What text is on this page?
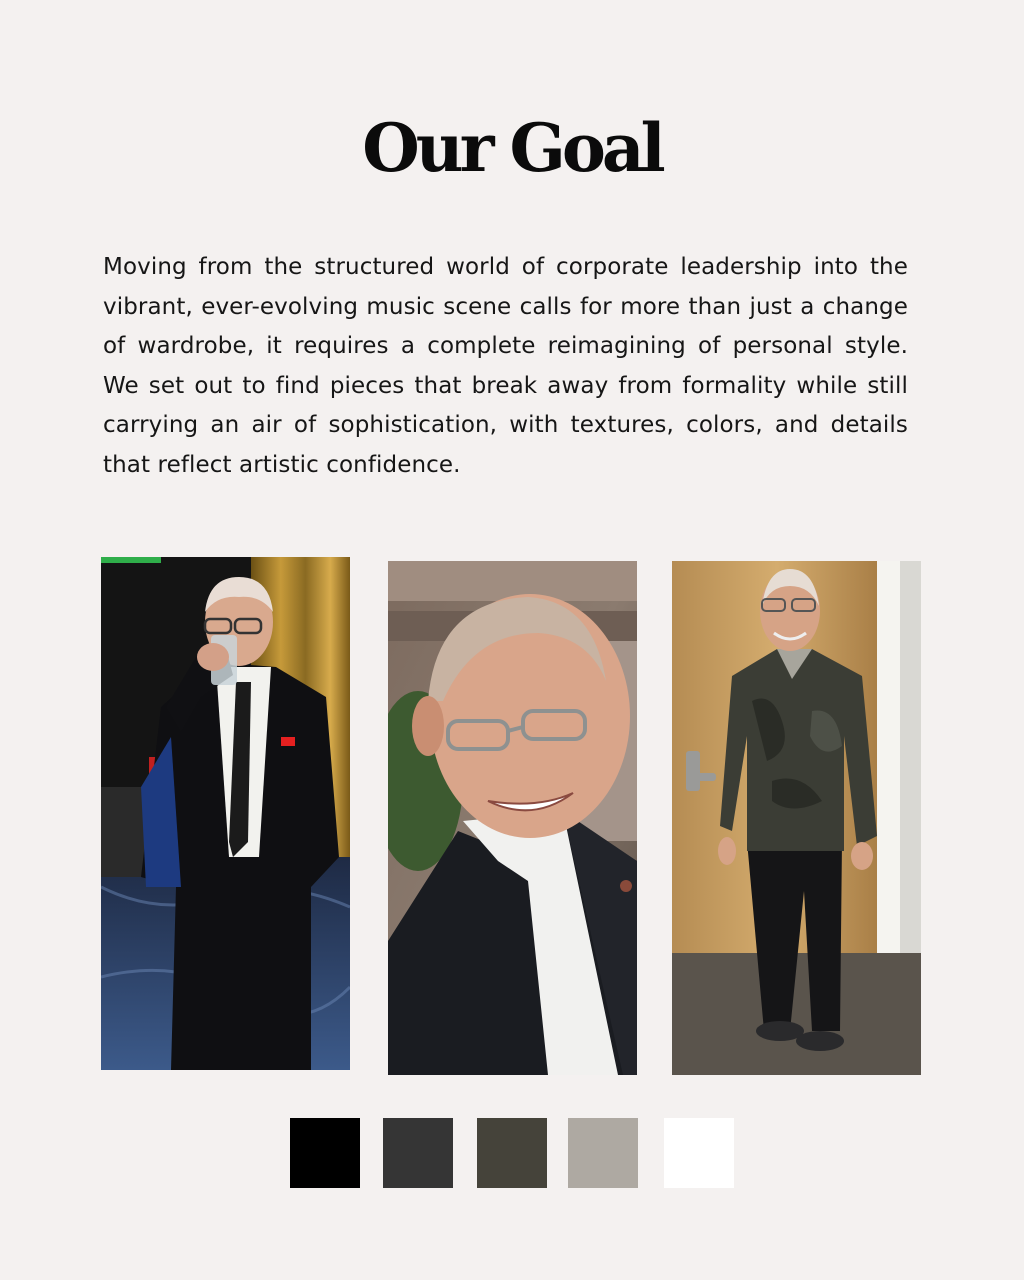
Our Goal

Moving from the structured world of corporate leadership into the vibrant, ever-evolving music scene calls for more than just a change of wardrobe, it requires a complete reimagining of personal style. We set out to find pieces that break away from formality while still carrying an air of sophistication, with textures, colors, and details that reflect artistic confidence.
